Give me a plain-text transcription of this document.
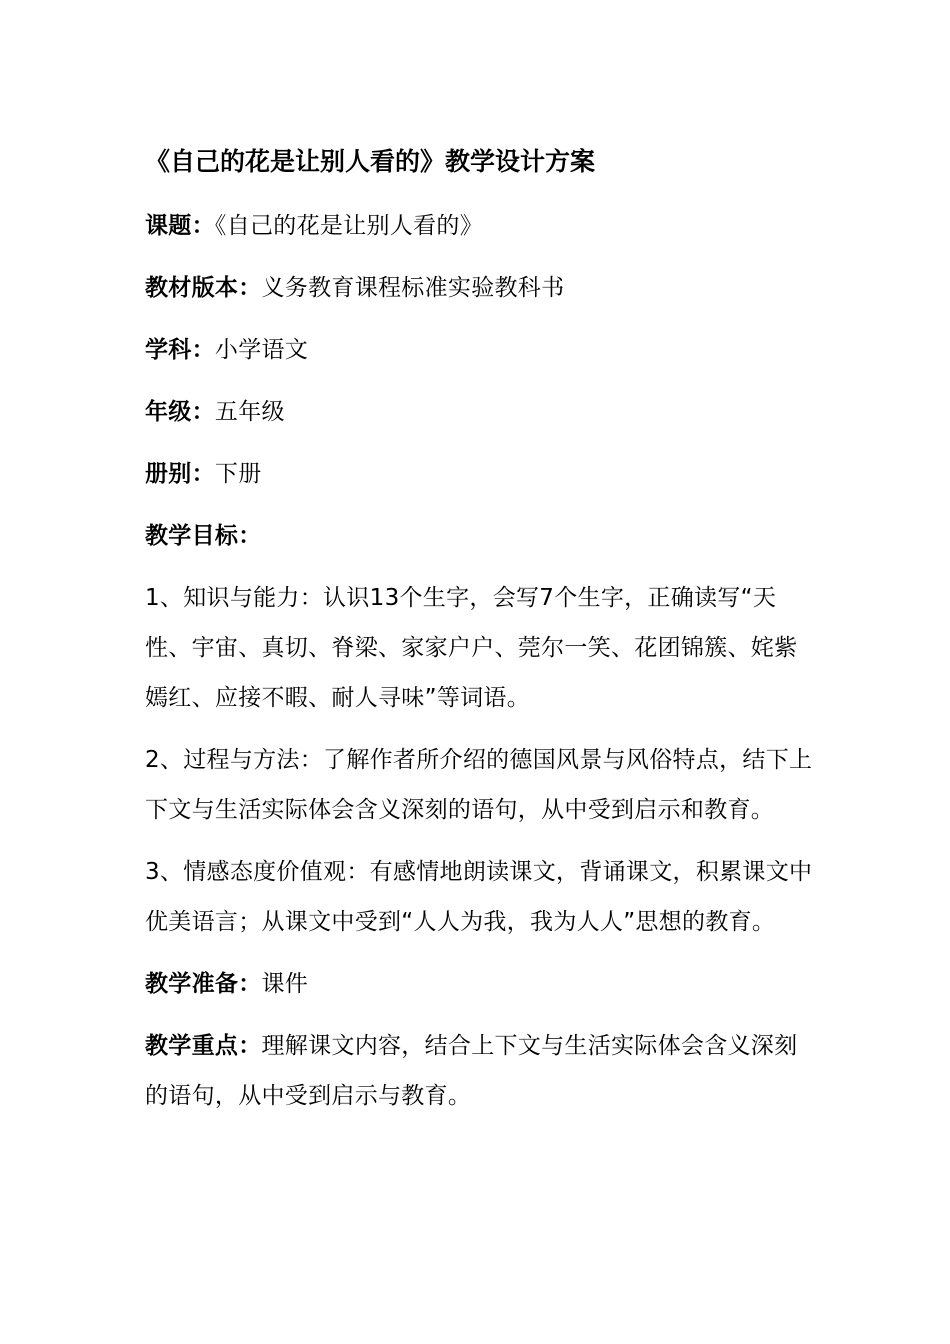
《自己的花是让别人看的》教学设计方案
课题：《自己的花是让别人看的》
教材版本：义务教育课程标准实验教科书
学科：小学语文
年级：五年级
册别：下册
教学目标：
1、知识与能力：认识13个生字，会写7个生字，正确读写“天性、宇宙、真切、脊梁、家家户户、莞尔一笑、花团锦簇、姹紫嫣红、应接不暇、耐人寻味”等词语。
2、过程与方法：了解作者所介绍的德国风景与风俗特点，结下上下文与生活实际体会含义深刻的语句，从中受到启示和教育。
3、情感态度价值观：有感情地朗读课文，背诵课文，积累课文中优美语言；从课文中受到“人人为我，我为人人”思想的教育。
教学准备：课件
教学重点：理解课文内容，结合上下文与生活实际体会含义深刻的语句，从中受到启示与教育。
